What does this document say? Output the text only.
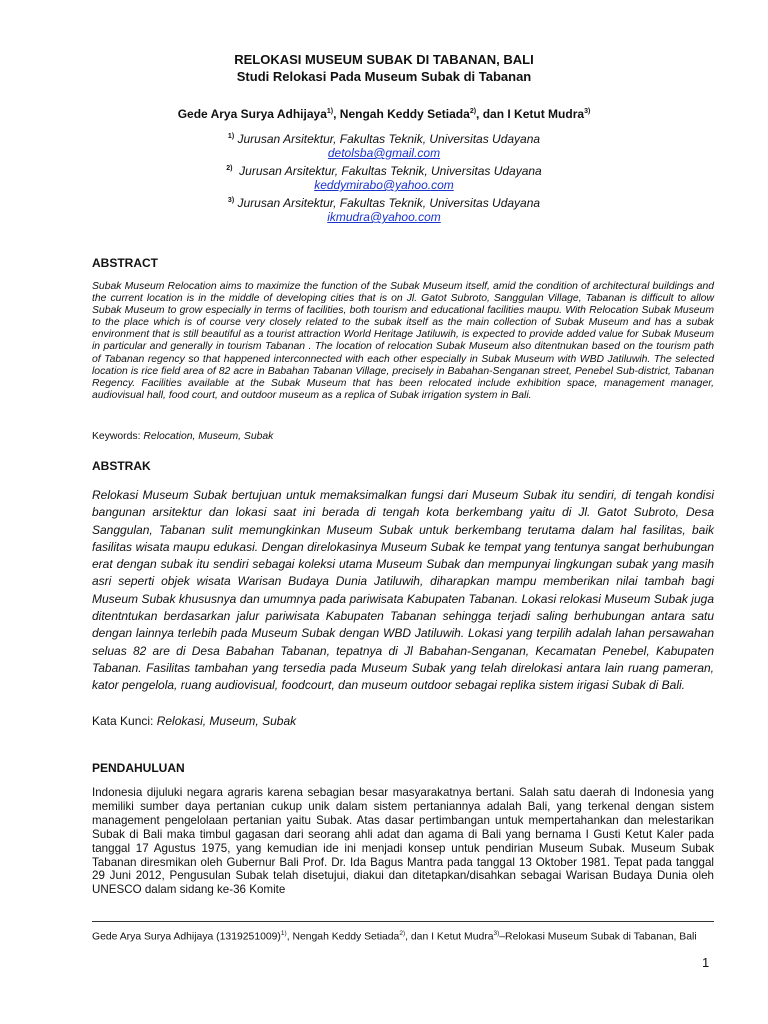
RELOKASI MUSEUM SUBAK DI TABANAN, BALI
Studi Relokasi Pada Museum Subak di Tabanan
Gede Arya Surya Adhijaya$^{1)}$, Nengah Keddy Setiada$^{2)}$, dan I Ketut Mudra$^{3)}$
$^{1)}$ Jurusan Arsitektur, Fakultas Teknik, Universitas Udayana
detolsba@gmail.com
$^{2)}$ Jurusan Arsitektur, Fakultas Teknik, Universitas Udayana
keddymirabo@yahoo.com
$^{3)}$ Jurusan Arsitektur, Fakultas Teknik, Universitas Udayana
ikmudra@yahoo.com
ABSTRACT
Subak Museum Relocation aims to maximize the function of the Subak Museum itself, amid the condition of architectural buildings and the current location is in the middle of developing cities that is on Jl. Gatot Subroto, Sanggulan Village, Tabanan is difficult to allow Subak Museum to grow especially in terms of facilities, both tourism and educational facilities maupu. With Relocation Subak Museum to the place which is of course very closely related to the subak itself as the main collection of Subak Museum and has a subak environment that is still beautiful as a tourist attraction World Heritage Jatiluwih, is expected to provide added value for Subak Museum in particular and generally in tourism Tabanan . The location of relocation Subak Museum also ditentnukan based on the tourism path of Tabanan regency so that happened interconnected with each other especially in Subak Museum with WBD Jatiluwih. The selected location is rice field area of 82 acre in Babahan Tabanan Village, precisely in Babahan-Senganan street, Penebel Sub-district, Tabanan Regency. Facilities available at the Subak Museum that has been relocated include exhibition space, management manager, audiovisual hall, food court, and outdoor museum as a replica of Subak irrigation system in Bali.
Keywords: Relocation, Museum, Subak
ABSTRAK
Relokasi Museum Subak bertujuan untuk memaksimalkan fungsi dari Museum Subak itu sendiri, di tengah kondisi bangunan arsitektur dan lokasi saat ini berada di tengah kota berkembang yaitu di Jl. Gatot Subroto, Desa Sanggulan, Tabanan sulit memungkinkan Museum Subak untuk berkembang terutama dalam hal fasilitas, baik fasilitas wisata maupu edukasi. Dengan direlokasinya Museum Subak ke tempat yang tentunya sangat berhubungan erat dengan subak itu sendiri sebagai koleksi utama Museum Subak dan mempunyai lingkungan subak yang masih asri seperti objek wisata Warisan Budaya Dunia Jatiluwih, diharapkan mampu memberikan nilai tambah bagi Museum Subak khususnya dan umumnya pada pariwisata Kabupaten Tabanan. Lokasi relokasi Museum Subak juga ditentntukan berdasarkan jalur pariwisata Kabupaten Tabanan sehingga terjadi saling berhubungan antara satu dengan lainnya terlebih pada Museum Subak dengan WBD Jatiluwih. Lokasi yang terpilih adalah lahan persawahan seluas 82 are di Desa Babahan Tabanan, tepatnya di Jl Babahan-Senganan, Kecamatan Penebel, Kabupaten Tabanan. Fasilitas tambahan yang tersedia pada Museum Subak yang telah direlokasi antara lain ruang pameran, kator pengelola, ruang audiovisual, foodcourt, dan museum outdoor sebagai replika sistem irigasi Subak di Bali.
Kata Kunci: Relokasi, Museum, Subak
PENDAHULUAN
Indonesia dijuluki negara agraris karena sebagian besar masyarakatnya bertani. Salah satu daerah di Indonesia yang memiliki sumber daya pertanian cukup unik dalam sistem pertaniannya adalah Bali, yang terkenal dengan sistem management pengelolaan pertanian yaitu Subak. Atas dasar pertimbangan untuk mempertahankan dan melestarikan Subak di Bali maka timbul gagasan dari seorang ahli adat dan agama di Bali yang bernama I Gusti Ketut Kaler pada tanggal 17 Agustus 1975, yang kemudian ide ini menjadi konsep untuk pendirian Museum Subak. Museum Subak Tabanan diresmikan oleh Gubernur Bali Prof. Dr. Ida Bagus Mantra pada tanggal 13 Oktober 1981. Tepat pada tanggal 29 Juni 2012, Pengusulan Subak telah disetujui, diakui dan ditetapkan/disahkan sebagai Warisan Budaya Dunia oleh UNESCO dalam sidang ke-36 Komite
Gede Arya Surya Adhijaya $(1319251009)^{1)}$, Nengah Keddy Setiada$^{2)}$, dan I Ketut Mudra$^{3)}$–Relokasi Museum Subak di Tabanan, Bali
1
